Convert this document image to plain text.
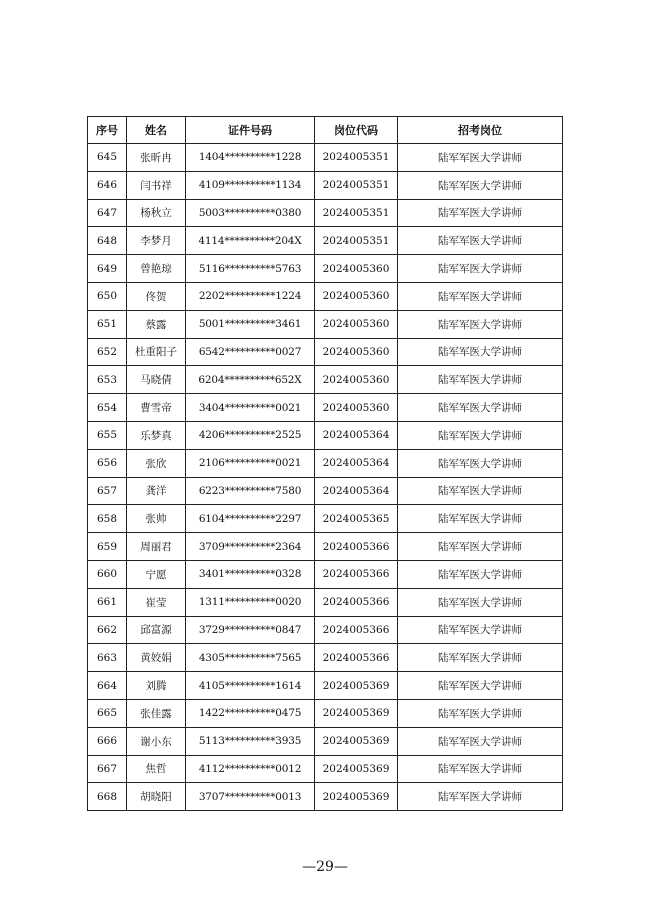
序号	姓名	证件号码	岗位代码	招考岗位
645	张昕冉	1404**********1228	2024005351	陆军军医大学讲师
646	闫书祥	4109**********1134	2024005351	陆军军医大学讲师
647	杨秋立	5003**********0380	2024005351	陆军军医大学讲师
648	李梦月	4114**********204X	2024005351	陆军军医大学讲师
649	曾艳琼	5116**********5763	2024005360	陆军军医大学讲师
650	佟贺	2202**********1224	2024005360	陆军军医大学讲师
651	蔡露	5001**********3461	2024005360	陆军军医大学讲师
652	杜重阳子	6542**********0027	2024005360	陆军军医大学讲师
653	马晓倩	6204**********652X	2024005360	陆军军医大学讲师
654	曹雪帝	3404**********0021	2024005360	陆军军医大学讲师
655	乐梦真	4206**********2525	2024005364	陆军军医大学讲师
656	张欣	2106**********0021	2024005364	陆军军医大学讲师
657	龚洋	6223**********7580	2024005364	陆军军医大学讲师
658	张帅	6104**********2297	2024005365	陆军军医大学讲师
659	周丽君	3709**********2364	2024005366	陆军军医大学讲师
660	宁愿	3401**********0328	2024005366	陆军军医大学讲师
661	崔莹	1311**********0020	2024005366	陆军军医大学讲师
662	邱富源	3729**********0847	2024005366	陆军军医大学讲师
663	黄姣娟	4305**********7565	2024005366	陆军军医大学讲师
664	刘腾	4105**********1614	2024005369	陆军军医大学讲师
665	张佳露	1422**********0475	2024005369	陆军军医大学讲师
666	谢小东	5113**********3935	2024005369	陆军军医大学讲师
667	焦哲	4112**********0012	2024005369	陆军军医大学讲师
668	胡晓阳	3707**********0013	2024005369	陆军军医大学讲师
—29—
